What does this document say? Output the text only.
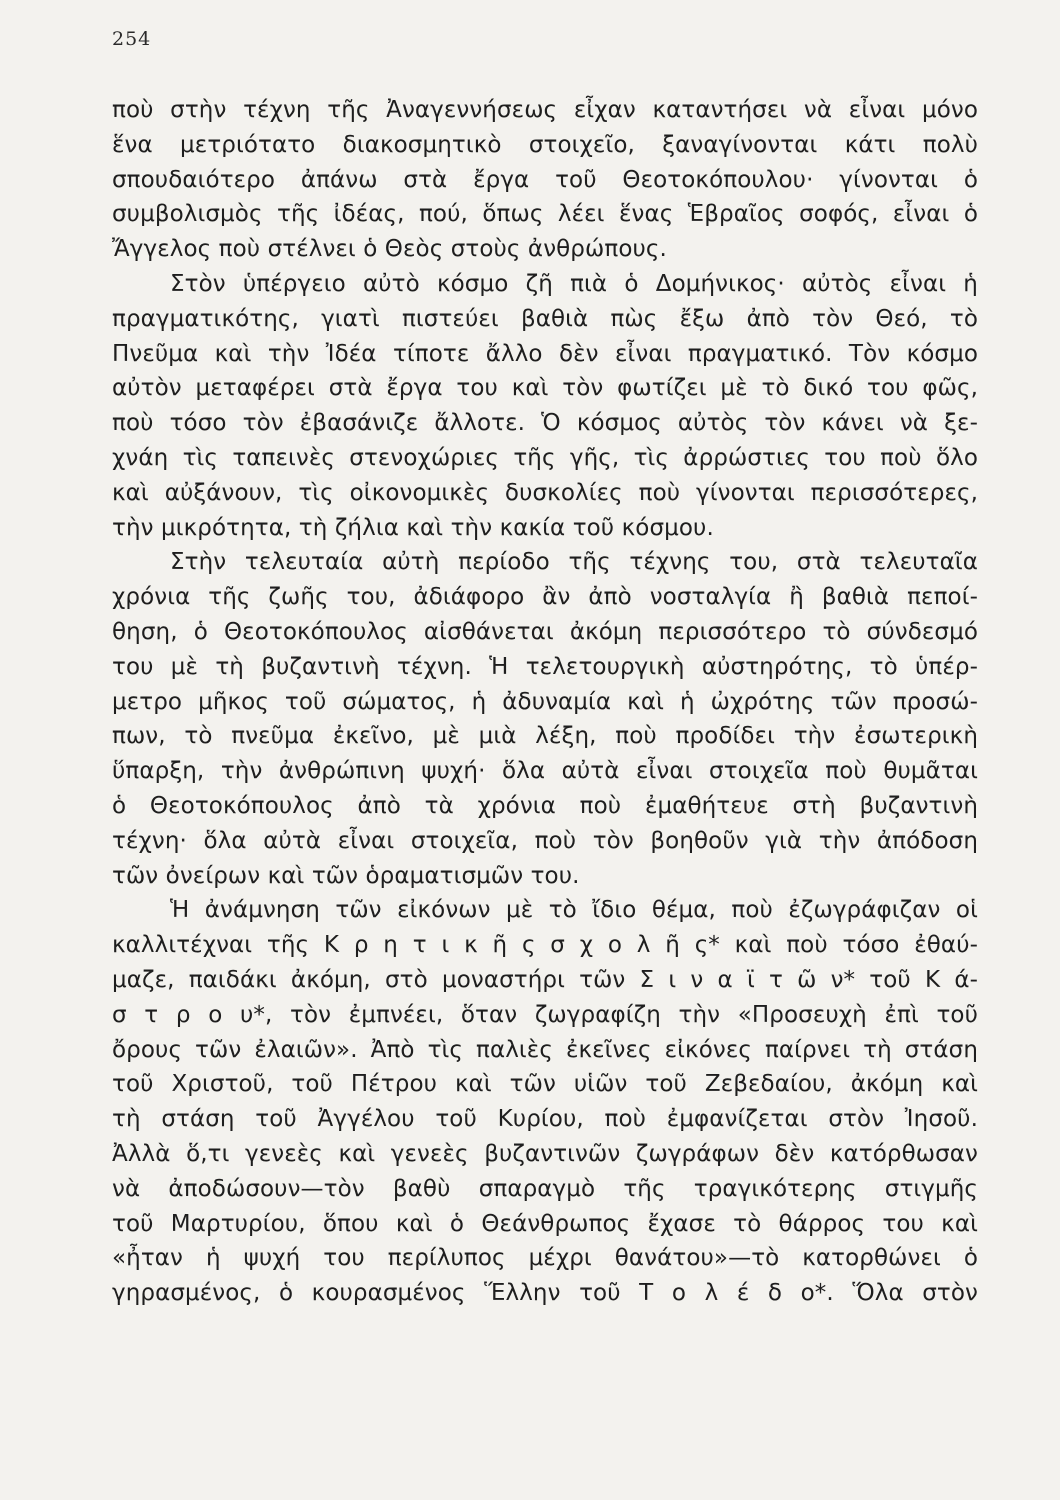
254
ποὺ στὴν τέχνη τῆς Ἀναγεννήσεως εἶχαν καταντήσει νὰ εἶναι μόνο
ἕνα μετριότατο διακοσμητικὸ στοιχεῖο, ξαναγίνονται κάτι πολὺ
σπουδαιότερο ἀπάνω στὰ ἔργα τοῦ Θεοτοκόπουλου· γίνονται ὁ
συμβολισμὸς τῆς ἰδέας, πού, ὅπως λέει ἕνας Ἑβραῖος σοφός, εἶναι ὁ
Ἄγγελος ποὺ στέλνει ὁ Θεὸς στοὺς ἀνθρώπους.
Στὸν ὑπέργειο αὐτὸ κόσμο ζῆ πιὰ ὁ Δομήνικος· αὐτὸς εἶναι ἡ
πραγματικότης, γιατὶ πιστεύει βαθιὰ πὼς ἔξω ἀπὸ τὸν Θεό, τὸ
Πνεῦμα καὶ τὴν Ἰδέα τίποτε ἄλλο δὲν εἶναι πραγματικό. Τὸν κόσμο
αὐτὸν μεταφέρει στὰ ἔργα του καὶ τὸν φωτίζει μὲ τὸ δικό του φῶς,
ποὺ τόσο τὸν ἐβασάνιζε ἄλλοτε. Ὁ κόσμος αὐτὸς τὸν κάνει νὰ ξε-
χνάη τὶς ταπεινὲς στενοχώριες τῆς γῆς, τὶς ἀρρώστιες του ποὺ ὅλο
καὶ αὐξάνουν, τὶς οἰκονομικὲς δυσκολίες ποὺ γίνονται περισσότερες,
τὴν μικρότητα, τὴ ζήλια καὶ τὴν κακία τοῦ κόσμου.
Στὴν τελευταία αὐτὴ περίοδο τῆς τέχνης του, στὰ τελευταῖα
χρόνια τῆς ζωῆς του, ἀδιάφορο ἂν ἀπὸ νοσταλγία ἢ βαθιὰ πεποί-
θηση, ὁ Θεοτοκόπουλος αἰσθάνεται ἀκόμη περισσότερο τὸ σύνδεσμό
του μὲ τὴ βυζαντινὴ τέχνη. Ἡ τελετουργικὴ αὐστηρότης, τὸ ὑπέρ-
μετρο μῆκος τοῦ σώματος, ἡ ἀδυναμία καὶ ἡ ὠχρότης τῶν προσώ-
πων, τὸ πνεῦμα ἐκεῖνο, μὲ μιὰ λέξη, ποὺ προδίδει τὴν ἐσωτερικὴ
ὕπαρξη, τὴν ἀνθρώπινη ψυχή· ὅλα αὐτὰ εἶναι στοιχεῖα ποὺ θυμᾶται
ὁ Θεοτοκόπουλος ἀπὸ τὰ χρόνια ποὺ ἐμαθήτευε στὴ βυζαντινὴ
τέχνη· ὅλα αὐτὰ εἶναι στοιχεῖα, ποὺ τὸν βοηθοῦν γιὰ τὴν ἀπόδοση
τῶν ὀνείρων καὶ τῶν ὁραματισμῶν του.
Ἡ ἀνάμνηση τῶν εἰκόνων μὲ τὸ ἴδιο θέμα, ποὺ ἐζωγράφιζαν οἱ
καλλιτέχναι τῆς Κ ρ η τ ι κ ῆ ς σ χ ο λ ῆ ς* καὶ ποὺ τόσο ἐθαύ-
μαζε, παιδάκι ἀκόμη, στὸ μοναστήρι τῶν Σ ι ν α ϊ τ ῶ ν* τοῦ Κ ά-
σ τ ρ ο υ*, τὸν ἐμπνέει, ὅταν ζωγραφίζη τὴν «Προσευχὴ ἐπὶ τοῦ
ὄρους τῶν ἐλαιῶν». Ἀπὸ τὶς παλιὲς ἐκεῖνες εἰκόνες παίρνει τὴ στάση
τοῦ Χριστοῦ, τοῦ Πέτρου καὶ τῶν υἱῶν τοῦ Ζεβεδαίου, ἀκόμη καὶ
τὴ στάση τοῦ Ἀγγέλου τοῦ Κυρίου, ποὺ ἐμφανίζεται στὸν Ἰησοῦ.
Ἀλλὰ ὅ,τι γενεὲς καὶ γενεὲς βυζαντινῶν ζωγράφων δὲν κατόρθωσαν
νὰ ἀποδώσουν—τὸν βαθὺ σπαραγμὸ τῆς τραγικότερης στιγμῆς
τοῦ Μαρτυρίου, ὅπου καὶ ὁ Θεάνθρωπος ἔχασε τὸ θάρρος του καὶ
«ἦταν ἡ ψυχή του περίλυπος μέχρι θανάτου»—τὸ κατορθώνει ὁ
γηρασμένος, ὁ κουρασμένος Ἕλλην τοῦ Τ ο λ έ δ ο*. Ὅλα στὸν
